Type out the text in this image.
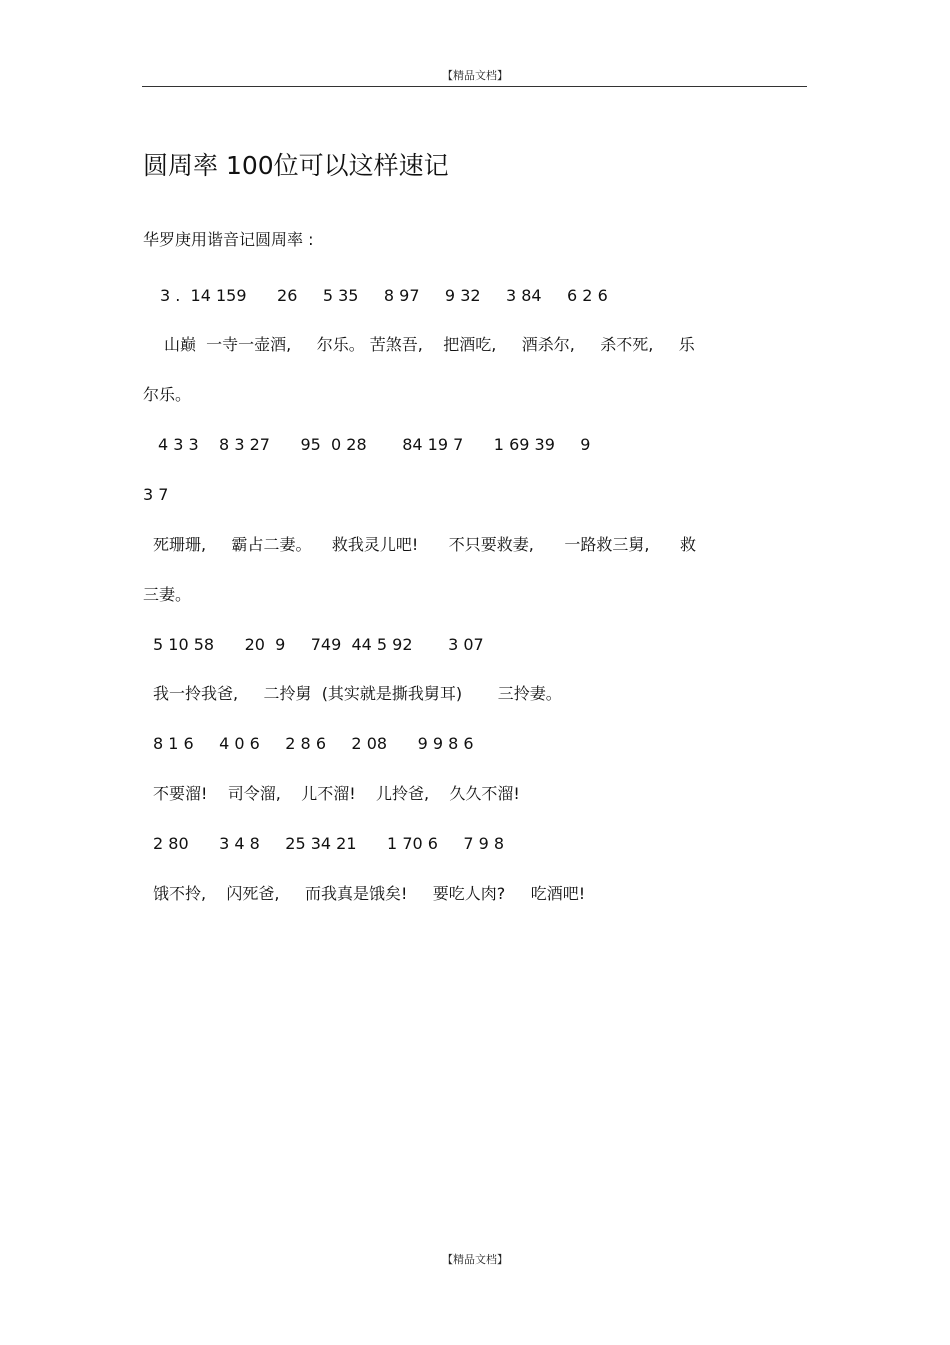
【精品文档】
圆周率 100位可以这样速记
华罗庚用谐音记圆周率 :
3 .  14 159      26     5 35     8 97     9 32     3 84     6 2 6
山巅  一寺一壶酒,     尔乐。 苦煞吾,    把酒吃,     酒杀尔,     杀不死,     乐
尔乐。
4 3 3    8 3 27      95  0 28       84 19 7      1 69 39     9
3 7
死珊珊,     霸占二妻。    救我灵儿吧!      不只要救妻,      一路救三舅,      救
三妻。
5 10 58      20  9     749  44 5 92       3 07
我一拎我爸,     二拎舅  (其实就是撕我舅耳)       三拎妻。
8 1 6     4 0 6     2 8 6     2 08      9 9 8 6
不要溜!    司令溜,    儿不溜!    儿拎爸,    久久不溜!
2 80      3 4 8     25 34 21      1 70 6     7 9 8
饿不拎,    闪死爸,     而我真是饿矣!     要吃人肉?     吃酒吧!
【精品文档】
